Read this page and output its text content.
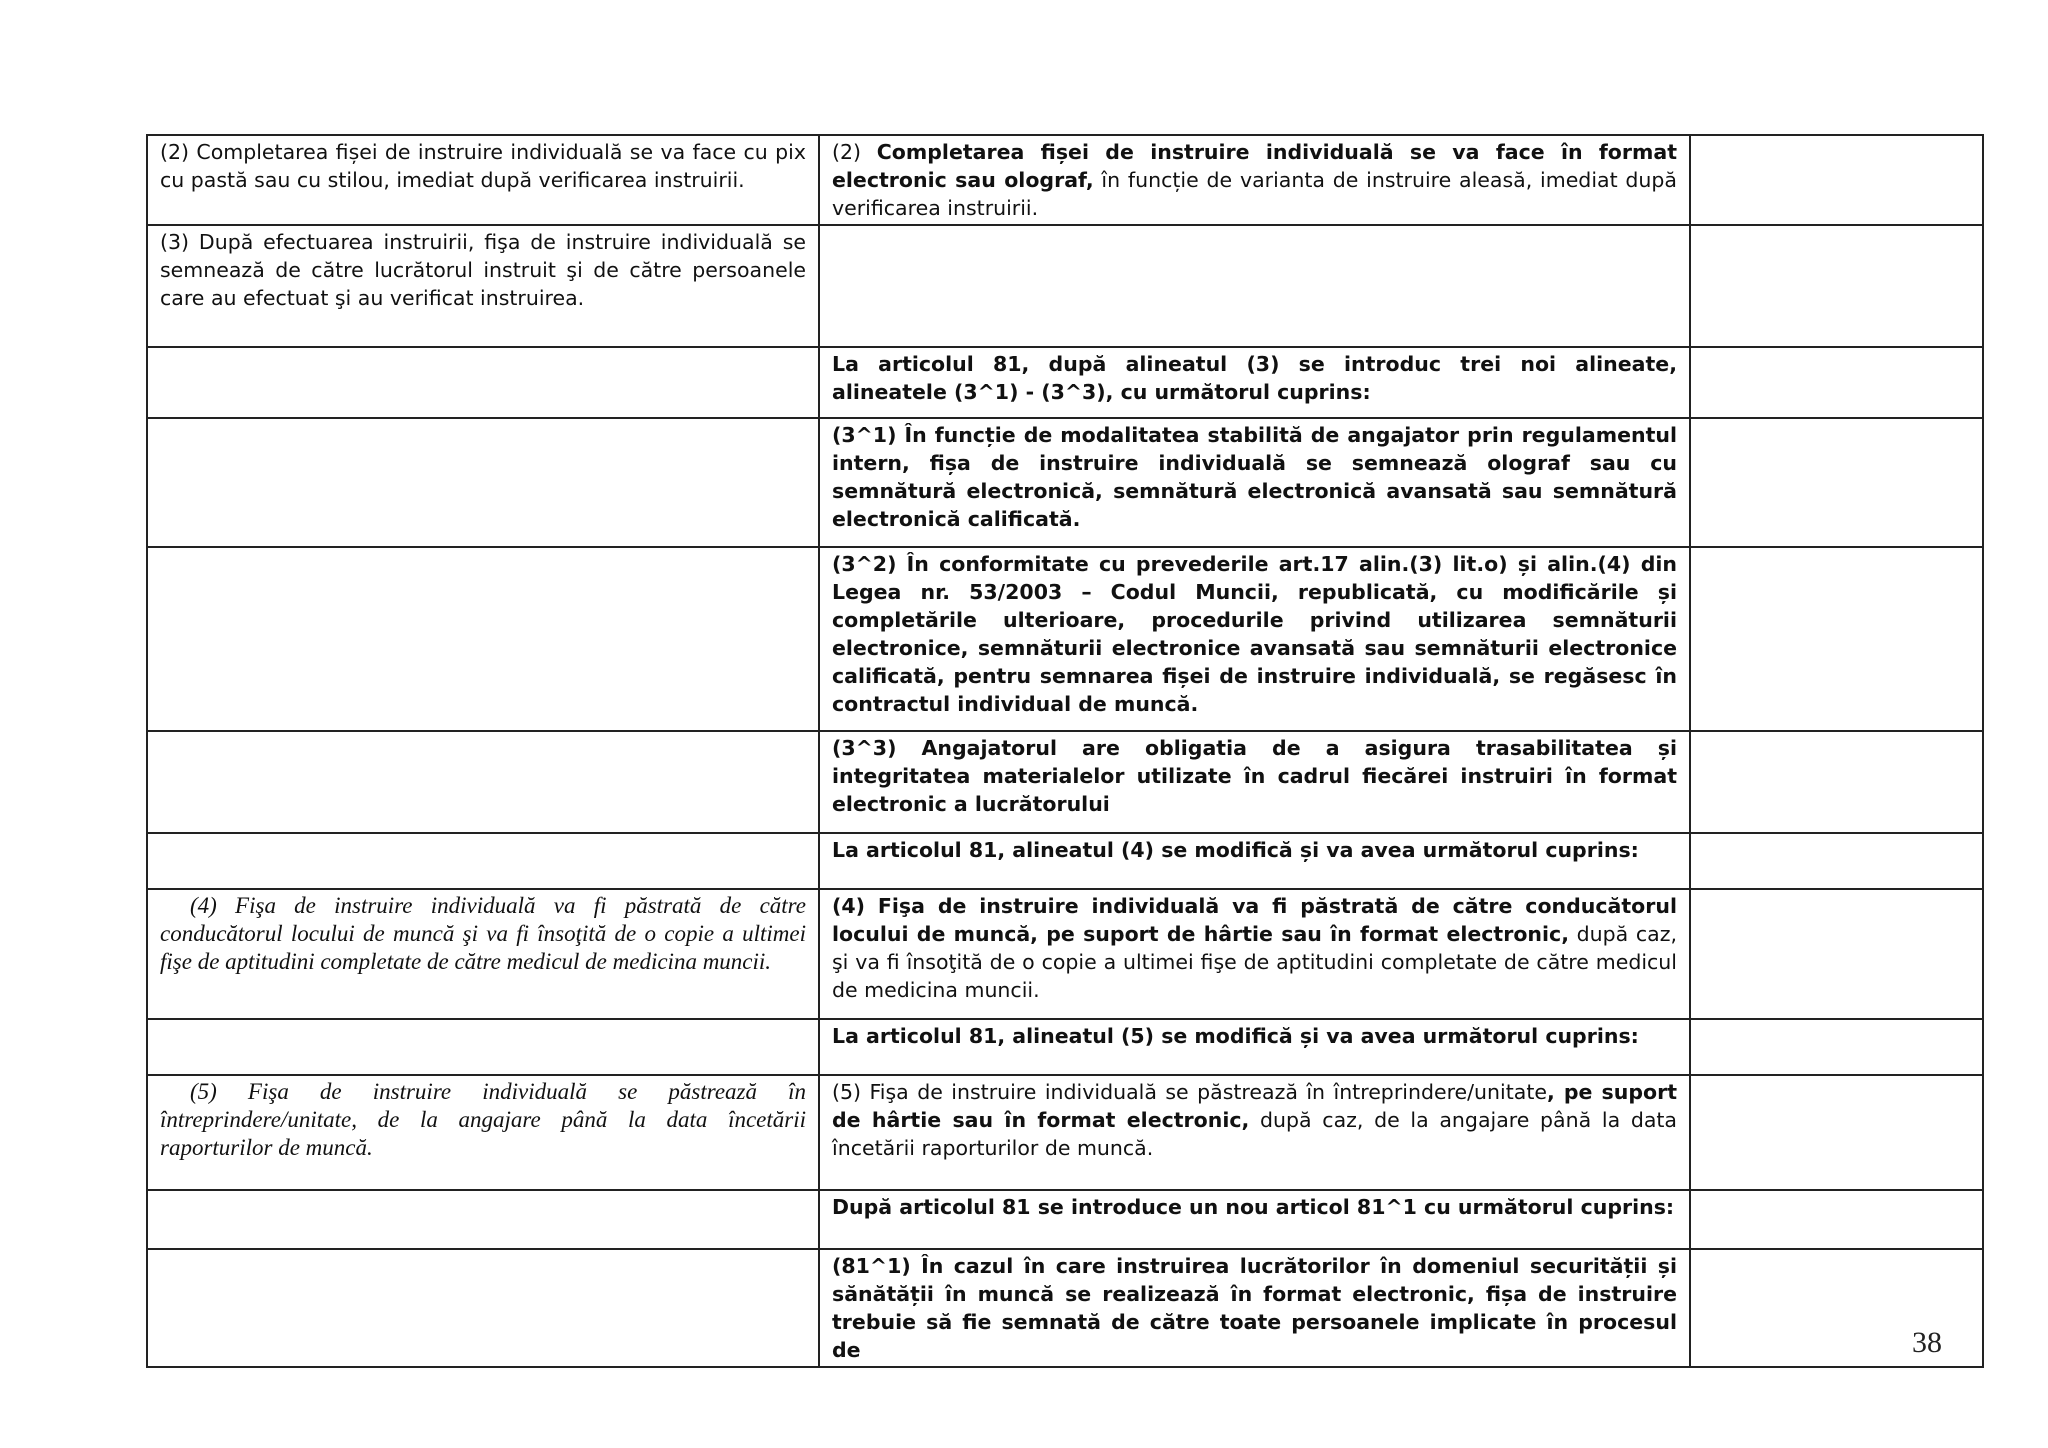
(2) Completarea fișei de instruire individuală se va face cu pix cu pastă sau cu stilou, imediat după verificarea instruirii.	(2) Completarea fișei de instruire individuală se va face în format electronic sau olograf, în funcție de varianta de instruire aleasă, imediat după verificarea instruirii.	
(3) După efectuarea instruirii, fişa de instruire individuală se semnează de către lucrătorul instruit şi de către persoanele care au efectuat şi au verificat instruirea.		
	La articolul 81, după alineatul (3) se introduc trei noi alineate, alineatele (3^1) - (3^3), cu următorul cuprins:	
	(3^1) În funcție de modalitatea stabilită de angajator prin regulamentul intern, fișa de instruire individuală se semnează olograf sau cu semnătură electronică, semnătură electronică avansată sau semnătură electronică calificată.	
	(3^2) În conformitate cu prevederile art.17 alin.(3) lit.o) și alin.(4) din Legea nr. 53/2003 – Codul Muncii, republicată, cu modificările și completările ulterioare, procedurile privind utilizarea semnăturii electronice, semnăturii electronice avansată sau semnăturii electronice calificată, pentru semnarea fișei de instruire individuală, se regăsesc în contractul individual de muncă.	
	(3^3) Angajatorul are obligatia de a asigura trasabilitatea și integritatea materialelor utilizate în cadrul fiecărei instruiri în format electronic a lucrătorului	
	La articolul 81, alineatul (4) se modifică și va avea următorul cuprins:	
(4) Fişa de instruire individuală va fi păstrată de către conducătorul locului de muncă şi va fi însoţită de o copie a ultimei fişe de aptitudini completate de către medicul de medicina muncii.	(4) Fişa de instruire individuală va fi păstrată de către conducătorul locului de muncă, pe suport de hârtie sau în format electronic, după caz, şi va fi însoţită de o copie a ultimei fişe de aptitudini completate de către medicul de medicina muncii.	
	La articolul 81, alineatul (5) se modifică și va avea următorul cuprins:	
(5) Fişa de instruire individuală se păstrează în întreprindere/unitate, de la angajare până la data încetării raporturilor de muncă.	(5) Fişa de instruire individuală se păstrează în întreprindere/unitate, pe suport de hârtie sau în format electronic, după caz, de la angajare până la data încetării raporturilor de muncă.	
	După articolul 81 se introduce un nou articol 81^1 cu următorul cuprins:	
	(81^1) În cazul în care instruirea lucrătorilor în domeniul securității și sănătății în muncă se realizează în format electronic, fișa de instruire trebuie să fie semnată de către toate persoanele implicate în procesul de		38
